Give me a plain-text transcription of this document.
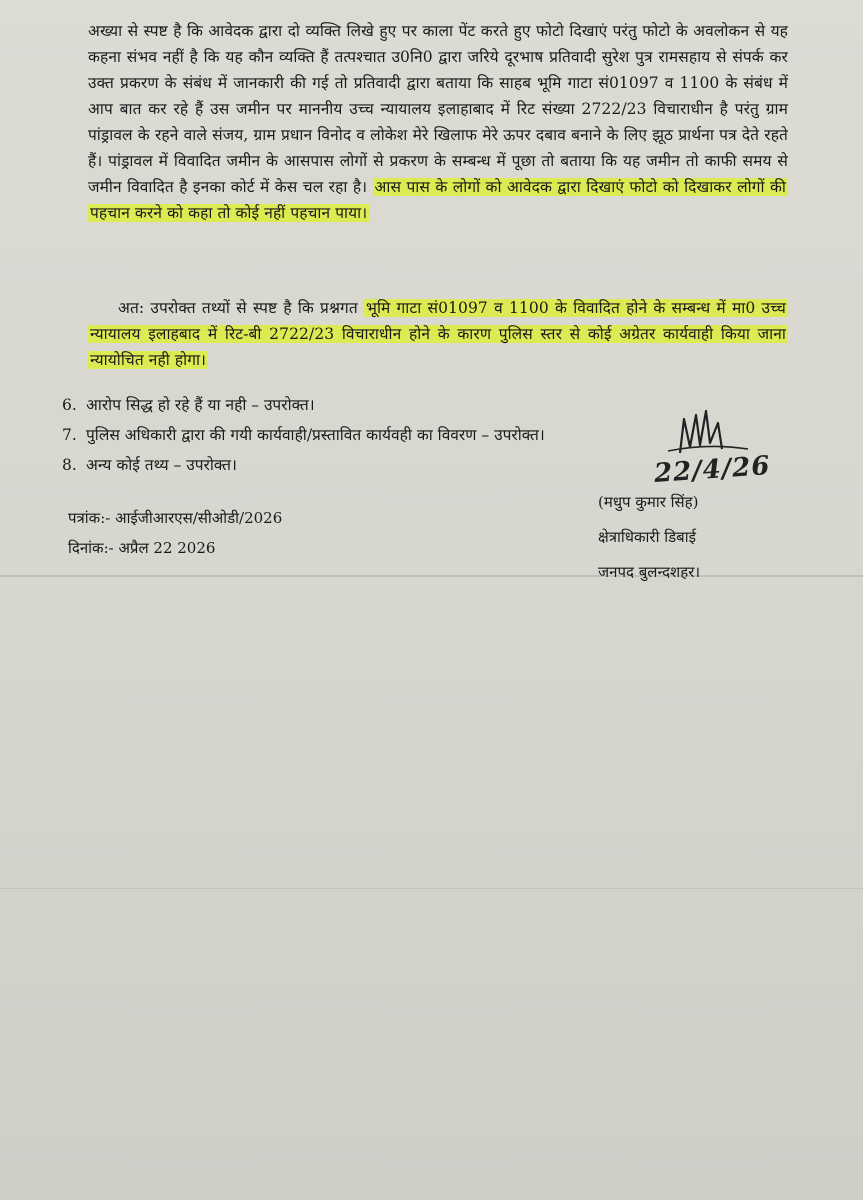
अख्या से स्पष्ट है कि आवेदक द्वारा दो व्यक्ति लिखे हुए पर काला पेंट करते हुए फोटो दिखाएं परंतु फोटो के अवलोकन से यह कहना संभव नहीं है कि यह कौन व्यक्ति हैं तत्पश्चात उ0नि0 द्वारा जरिये दूरभाष प्रतिवादी सुरेश पुत्र रामसहाय से संपर्क कर उक्त प्रकरण के संबंध में जानकारी की गई तो प्रतिवादी द्वारा बताया कि साहब भूमि गाटा सं01097 व 1100 के संबंध में आप बात कर रहे हैं उस जमीन पर माननीय उच्च न्यायालय इलाहाबाद में रिट संख्या 2722/23 विचाराधीन है परंतु ग्राम पांड्रावल के रहने वाले संजय, ग्राम प्रधान विनोद व लोकेश मेरे खिलाफ मेरे ऊपर दबाव बनाने के लिए झूठ प्रार्थना पत्र देते रहते हैं। पांड्रावल में विवादित जमीन के आसपास लोगों से प्रकरण के सम्बन्ध में पूछा तो बताया कि यह जमीन तो काफी समय से जमीन विवादित है इनका कोर्ट में केस चल रहा है। आस पास के लोगों को आवेदक द्वारा दिखाएं फोटो को दिखाकर लोगों की पहचान करने को कहा तो कोई नहीं पहचान पाया।
अत: उपरोक्त तथ्यों से स्पष्ट है कि प्रश्नगत भूमि गाटा सं01097 व 1100 के विवादित होने के सम्बन्ध में मा0 उच्च न्यायालय इलाहबाद में रिट-बी 2722/23 विचाराधीन होने के कारण पुलिस स्तर से कोई अग्रेतर कार्यवाही किया जाना न्यायोचित नही होगा।
6. आरोप सिद्ध हो रहे हैं या नही – उपरोक्त।
7. पुलिस अधिकारी द्वारा की गयी कार्यवाही/प्रस्तावित कार्यवही का विवरण – उपरोक्त।
8. अन्य कोई तथ्य – उपरोक्त।
पत्रांक:- आईजीआरएस/सीओडी/2026
दिनांक:- अप्रैल 22 2026
22/4/26
(मधुप कुमार सिंह)
क्षेत्राधिकारी डिबाई
जनपद बुलन्दशहर।
